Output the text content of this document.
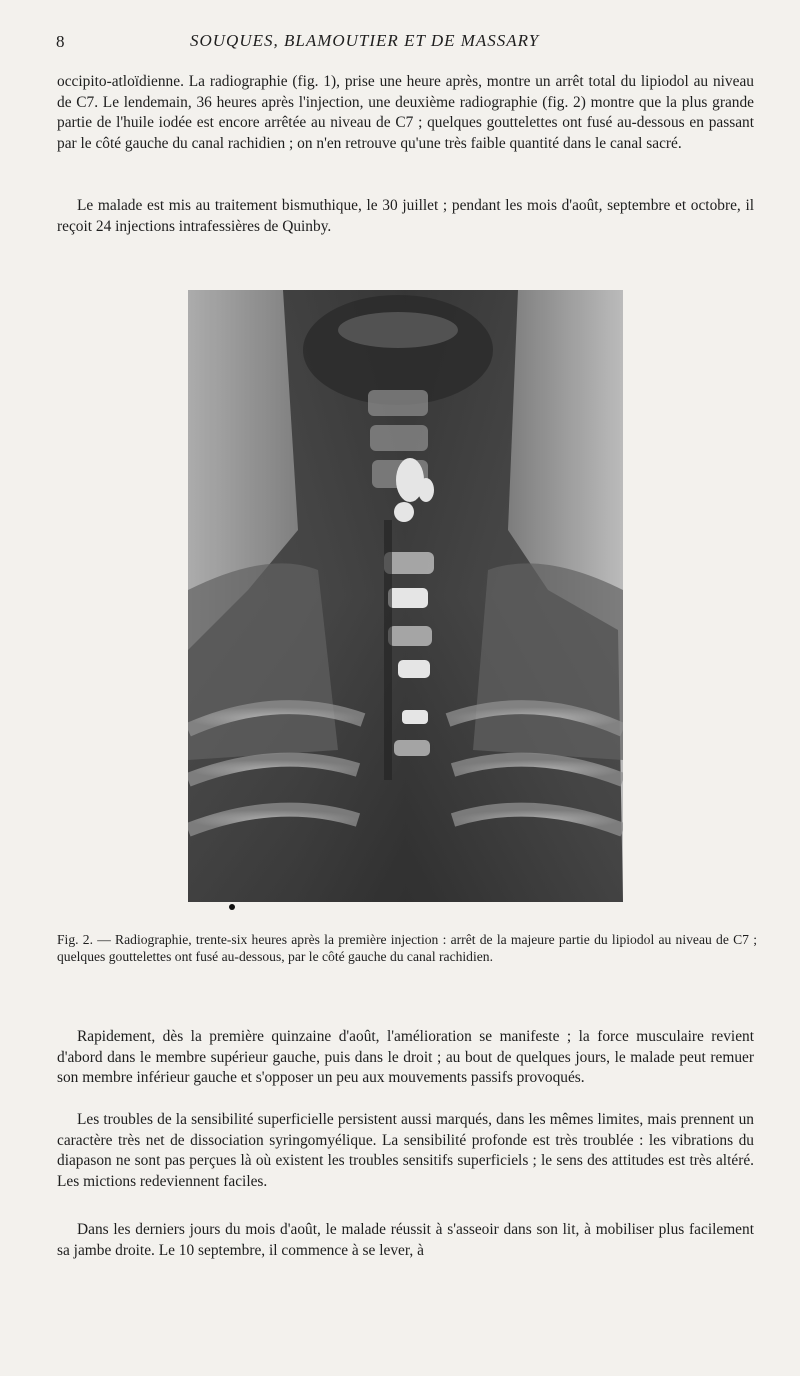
8	SOUQUES, BLAMOUTIER ET DE MASSARY

occipito-atloïdienne. La radiographie (fig. 1), prise une heure après, montre un arrêt total du lipiodol au niveau de C7. Le lendemain, 36 heures après l'injection, une deuxième radiographie (fig. 2) montre que la plus grande partie de l'huile iodée est encore arrêtée au niveau de C7 ; quelques gouttelettes ont fusé au-dessous en passant par le côté gauche du canal rachidien ; on n'en retrouve qu'une très faible quantité dans le canal sacré.

Le malade est mis au traitement bismuthique, le 30 juillet ; pendant les mois d'août, septembre et octobre, il reçoit 24 injections intrafessières de Quinby.

Fig. 2. — Radiographie, trente-six heures après la première injection : arrêt de la majeure partie du lipiodol au niveau de C7 ; quelques gouttelettes ont fusé au-dessous, par le côté gauche du canal rachidien.

Rapidement, dès la première quinzaine d'août, l'amélioration se manifeste ; la force musculaire revient d'abord dans le membre supérieur gauche, puis dans le droit ; au bout de quelques jours, le malade peut remuer son membre inférieur gauche et s'opposer un peu aux mouvements passifs provoqués.

Les troubles de la sensibilité superficielle persistent aussi marqués, dans les mêmes limites, mais prennent un caractère très net de dissociation syringomyélique. La sensibilité profonde est très troublée : les vibrations du diapason ne sont pas perçues là où existent les troubles sensitifs superficiels ; le sens des attitudes est très altéré. Les mictions redeviennent faciles.

Dans les derniers jours du mois d'août, le malade réussit à s'asseoir dans son lit, à mobiliser plus facilement sa jambe droite. Le 10 septembre, il commence à se lever, à
